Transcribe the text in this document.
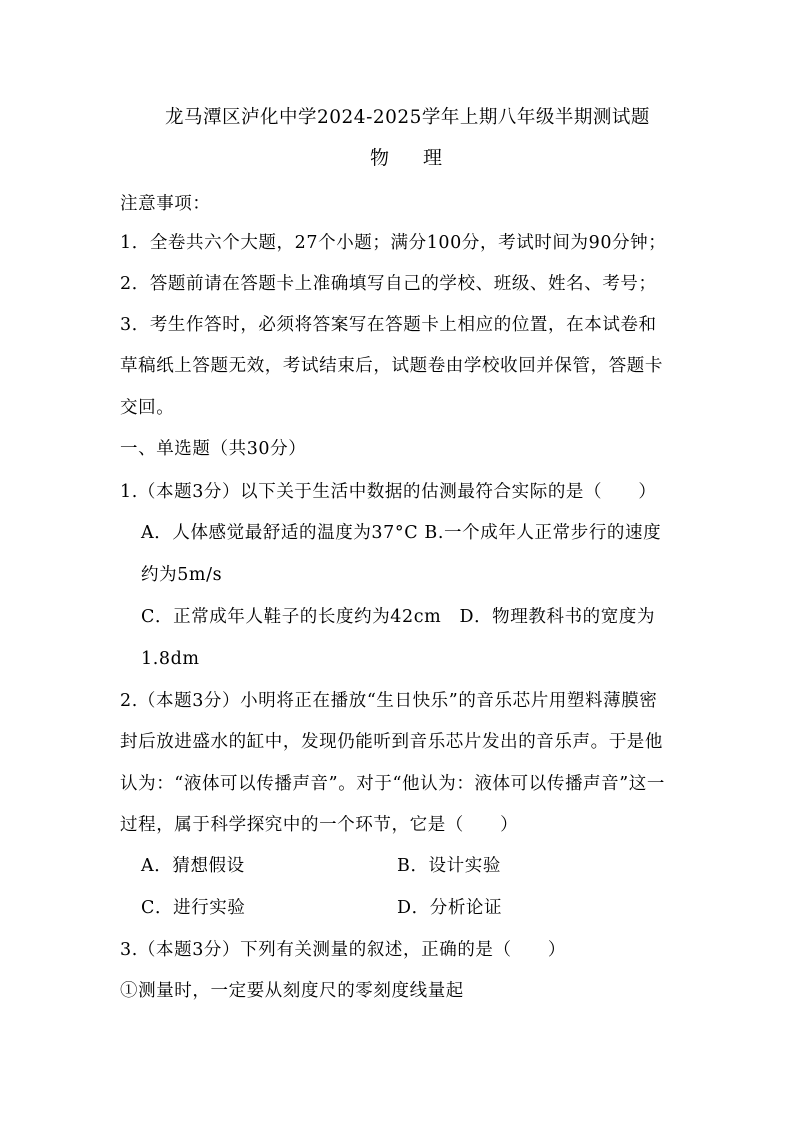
龙马潭区泸化中学2024-2025学年上期八年级半期测试题
物 理
注意事项：
1．全卷共六个大题，27个小题；满分100分，考试时间为90分钟；
2．答题前请在答题卡上准确填写自己的学校、班级、姓名、考号；
3．考生作答时，必须将答案写在答题卡上相应的位置，在本试卷和
草稿纸上答题无效，考试结束后，试题卷由学校收回并保管，答题卡
交回。
一、单选题（共30分）
1.（本题3分）以下关于生活中数据的估测最符合实际的是（　　）
A．人体感觉最舒适的温度为37°C B.一个成年人正常步行的速度
约为5m/s
C．正常成年人鞋子的长度约为42cm　D．物理教科书的宽度为
1.8dm
2.（本题3分）小明将正在播放“生日快乐”的音乐芯片用塑料薄膜密
封后放进盛水的缸中，发现仍能听到音乐芯片发出的音乐声。于是他
认为：“液体可以传播声音”。对于“他认为：液体可以传播声音”这一
过程，属于科学探究中的一个环节，它是（　　）
A．猜想假设	B．设计实验
C．进行实验	D．分析论证
3.（本题3分）下列有关测量的叙述，正确的是（　　）
①测量时，一定要从刻度尺的零刻度线量起
